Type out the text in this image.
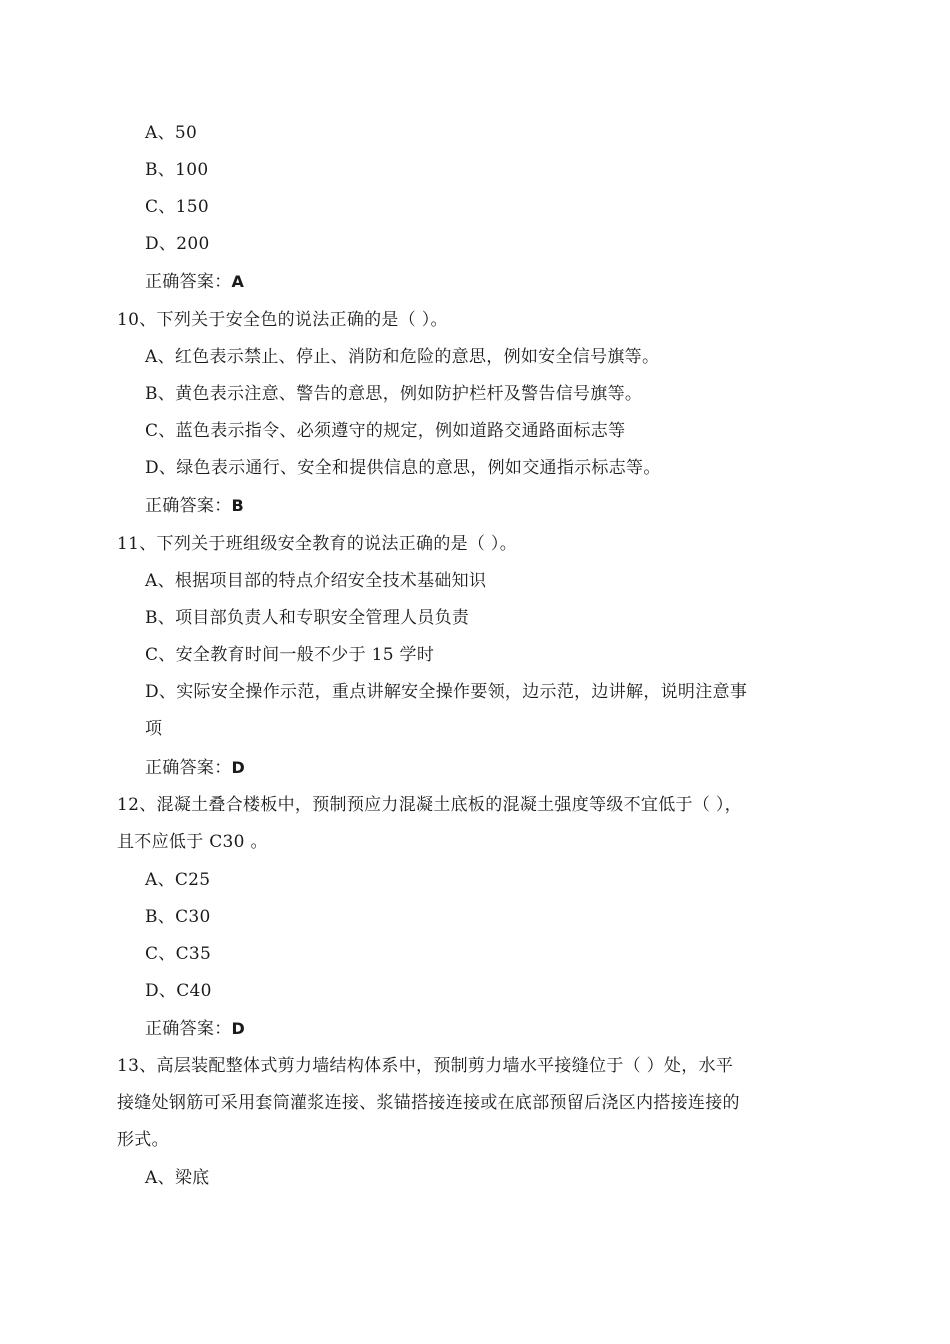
A、50
B、100
C、150
D、200
正确答案：A
10、下列关于安全色的说法正确的是（ ）。
A、红色表示禁止、停止、消防和危险的意思，例如安全信号旗等。
B、黄色表示注意、警告的意思，例如防护栏杆及警告信号旗等。
C、蓝色表示指令、必须遵守的规定，例如道路交通路面标志等
D、绿色表示通行、安全和提供信息的意思，例如交通指示标志等。
正确答案：B
11、下列关于班组级安全教育的说法正确的是（ ）。
A、根据项目部的特点介绍安全技术基础知识
B、项目部负责人和专职安全管理人员负责
C、安全教育时间一般不少于 15 学时
D、实际安全操作示范，重点讲解安全操作要领，边示范，边讲解，说明注意事
项
正确答案：D
12、混凝土叠合楼板中，预制预应力混凝土底板的混凝土强度等级不宜低于（ ），
且不应低于 C30 。
A、C25
B、C30
C、C35
D、C40
正确答案：D
13、高层装配整体式剪力墙结构体系中，预制剪力墙水平接缝位于（ ）处，水平
接缝处钢筋可采用套筒灌浆连接、浆锚搭接连接或在底部预留后浇区内搭接连接的
形式。
A、梁底
